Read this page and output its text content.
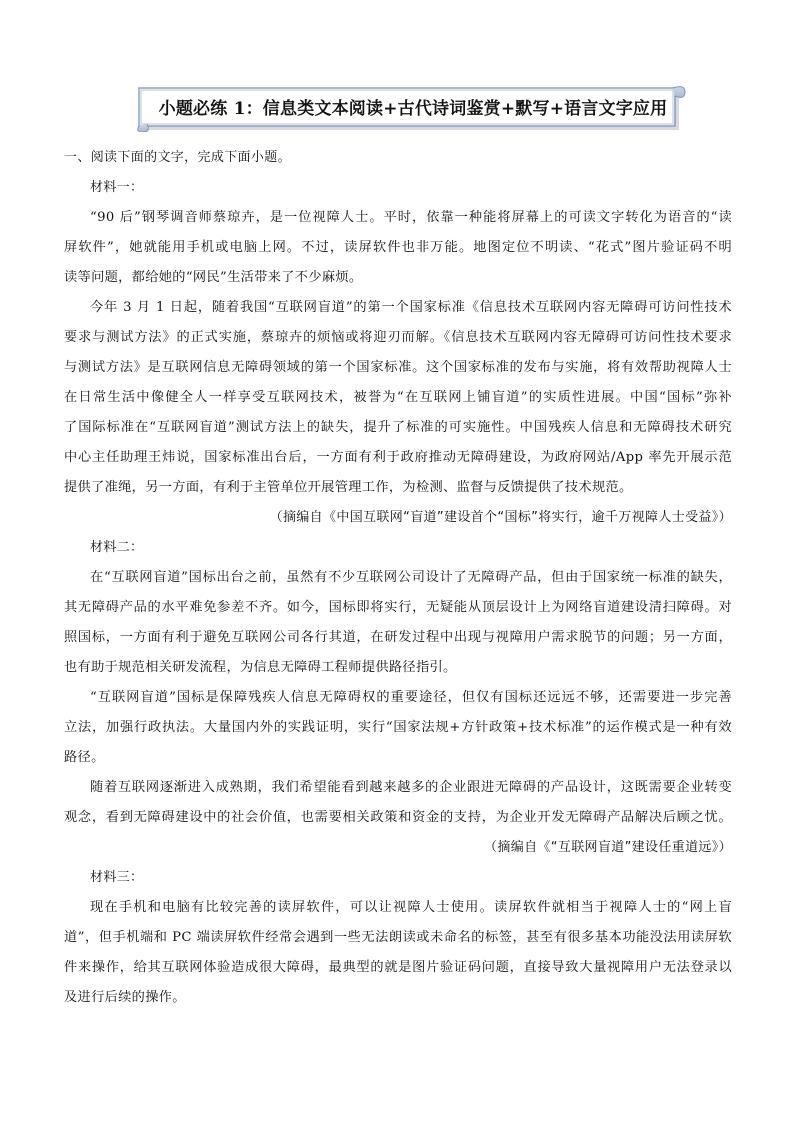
小题必练 1：信息类文本阅读+古代诗词鉴赏+默写+语言文字应用
一、阅读下面的文字，完成下面小题。
材料一：
“90 后”钢琴调音师蔡琼卉，是一位视障人士。平时，依靠一种能将屏幕上的可读文字转化为语音的“读
屏软件”，她就能用手机或电脑上网。不过，读屏软件也非万能。地图定位不明读、“花式”图片验证码不明
读等问题，都给她的“网民”生活带来了不少麻烦。
今年 3 月 1 日起，随着我国“互联网盲道”的第一个国家标准《信息技术互联网内容无障碍可访问性技术
要求与测试方法》的正式实施，蔡琼卉的烦恼或将迎刃而解。《信息技术互联网内容无障碍可访问性技术要求
与测试方法》是互联网信息无障碍领域的第一个国家标准。这个国家标准的发布与实施，将有效帮助视障人士
在日常生活中像健全人一样享受互联网技术，被誉为“在互联网上铺盲道”的实质性进展。中国“国标”弥补
了国际标准在“互联网盲道”测试方法上的缺失，提升了标准的可实施性。中国残疾人信息和无障碍技术研究
中心主任助理王炜说，国家标准出台后，一方面有利于政府推动无障碍建设，为政府网站/App 率先开展示范
提供了准绳，另一方面，有利于主管单位开展管理工作，为检测、监督与反馈提供了技术规范。
（摘编自《中国互联网“盲道”建设首个“国标”将实行，逾千万视障人士受益》）
材料二：
在“互联网盲道”国标出台之前，虽然有不少互联网公司设计了无障碍产品，但由于国家统一标准的缺失，
其无障碍产品的水平难免参差不齐。如今，国标即将实行，无疑能从顶层设计上为网络盲道建设清扫障碍。对
照国标，一方面有利于避免互联网公司各行其道，在研发过程中出现与视障用户需求脱节的问题；另一方面，
也有助于规范相关研发流程，为信息无障碍工程师提供路径指引。
“互联网盲道”国标是保障残疾人信息无障碍权的重要途径，但仅有国标还远远不够，还需要进一步完善
立法，加强行政执法。大量国内外的实践证明，实行“国家法规+方针政策+技术标准”的运作模式是一种有效
路径。
随着互联网逐渐进入成熟期，我们希望能看到越来越多的企业跟进无障碍的产品设计，这既需要企业转变
观念，看到无障碍建设中的社会价值，也需要相关政策和资金的支持，为企业开发无障碍产品解决后顾之忧。
（摘编自《“互联网盲道”建设任重道远》）
材料三：
现在手机和电脑有比较完善的读屏软件，可以让视障人士使用。读屏软件就相当于视障人士的“网上盲
道”，但手机端和 PC 端读屏软件经常会遇到一些无法朗读或未命名的标签，甚至有很多基本功能没法用读屏软
件来操作，给其互联网体验造成很大障碍，最典型的就是图片验证码问题，直接导致大量视障用户无法登录以
及进行后续的操作。
